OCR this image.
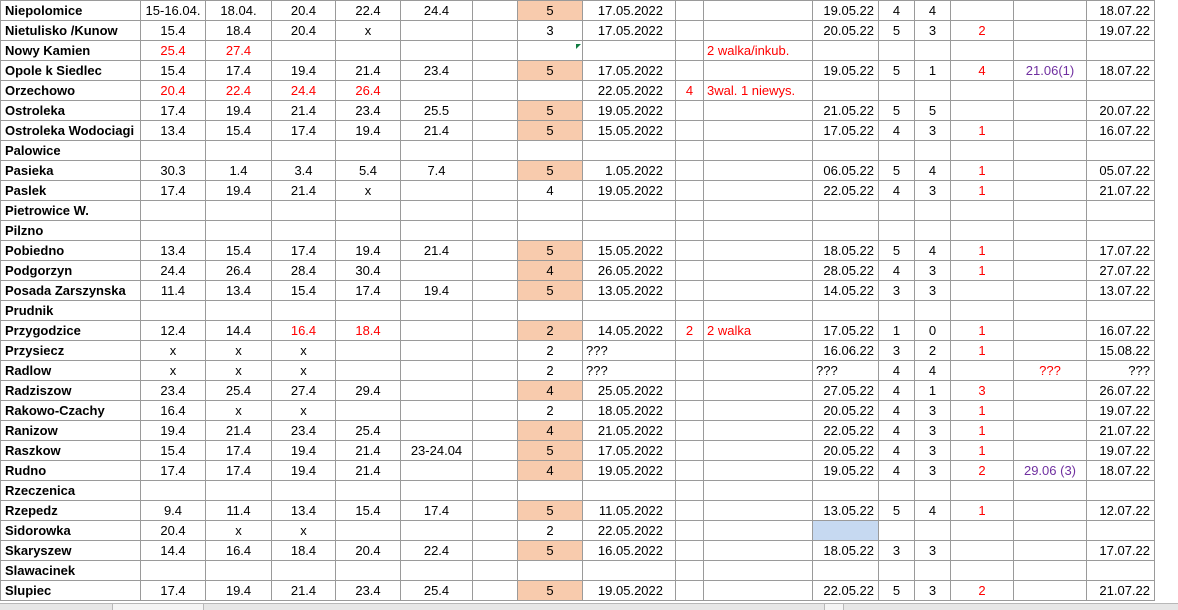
Niepolomice	15-16.04.	18.04.	20.4	22.4	24.4		5	17.05.2022			19.05.22	4	4			18.07.22
Nietulisko /Kunow	15.4	18.4	20.4	x			3	17.05.2022			20.05.22	5	3	2		19.07.22
Nowy Kamien	25.4	27.4								2 walka/inkub.						
Opole k Siedlec	15.4	17.4	19.4	21.4	23.4		5	17.05.2022			19.05.22	5	1	4	21.06(1)	18.07.22
Orzechowo	20.4	22.4	24.4	26.4				22.05.2022	4	3wal. 1 niewys.						
Ostroleka	17.4	19.4	21.4	23.4	25.5		5	19.05.2022			21.05.22	5	5			20.07.22
Ostroleka Wodociagi	13.4	15.4	17.4	19.4	21.4		5	15.05.2022			17.05.22	4	3	1		16.07.22
Palowice																
Pasieka	30.3	1.4	3.4	5.4	7.4		5	1.05.2022			06.05.22	5	4	1		05.07.22
Paslek	17.4	19.4	21.4	x			4	19.05.2022			22.05.22	4	3	1		21.07.22
Pietrowice W.																
Pilzno																
Pobiedno	13.4	15.4	17.4	19.4	21.4		5	15.05.2022			18.05.22	5	4	1		17.07.22
Podgorzyn	24.4	26.4	28.4	30.4			4	26.05.2022			28.05.22	4	3	1		27.07.22
Posada Zarszynska	11.4	13.4	15.4	17.4	19.4		5	13.05.2022			14.05.22	3	3			13.07.22
Prudnik																
Przygodzice	12.4	14.4	16.4	18.4			2	14.05.2022	2	2 walka	17.05.22	1	0	1		16.07.22
Przysiecz	x	x	x				2	???			16.06.22	3	2	1		15.08.22
Radlow	x	x	x				2	???			???	4	4		???	???
Radziszow	23.4	25.4	27.4	29.4			4	25.05.2022			27.05.22	4	1	3		26.07.22
Rakowo-Czachy	16.4	x	x				2	18.05.2022			20.05.22	4	3	1		19.07.22
Ranizow	19.4	21.4	23.4	25.4			4	21.05.2022			22.05.22	4	3	1		21.07.22
Raszkow	15.4	17.4	19.4	21.4	23-24.04		5	17.05.2022			20.05.22	4	3	1		19.07.22
Rudno	17.4	17.4	19.4	21.4			4	19.05.2022			19.05.22	4	3	2	29.06 (3)	18.07.22
Rzeczenica																
Rzepedz	9.4	11.4	13.4	15.4	17.4		5	11.05.2022			13.05.22	5	4	1		12.07.22
Sidorowka	20.4	x	x				2	22.05.2022								
Skaryszew	14.4	16.4	18.4	20.4	22.4		5	16.05.2022			18.05.22	3	3			17.07.22
Slawacinek																
Slupiec	17.4	19.4	21.4	23.4	25.4		5	19.05.2022			22.05.22	5	3	2		21.07.22
